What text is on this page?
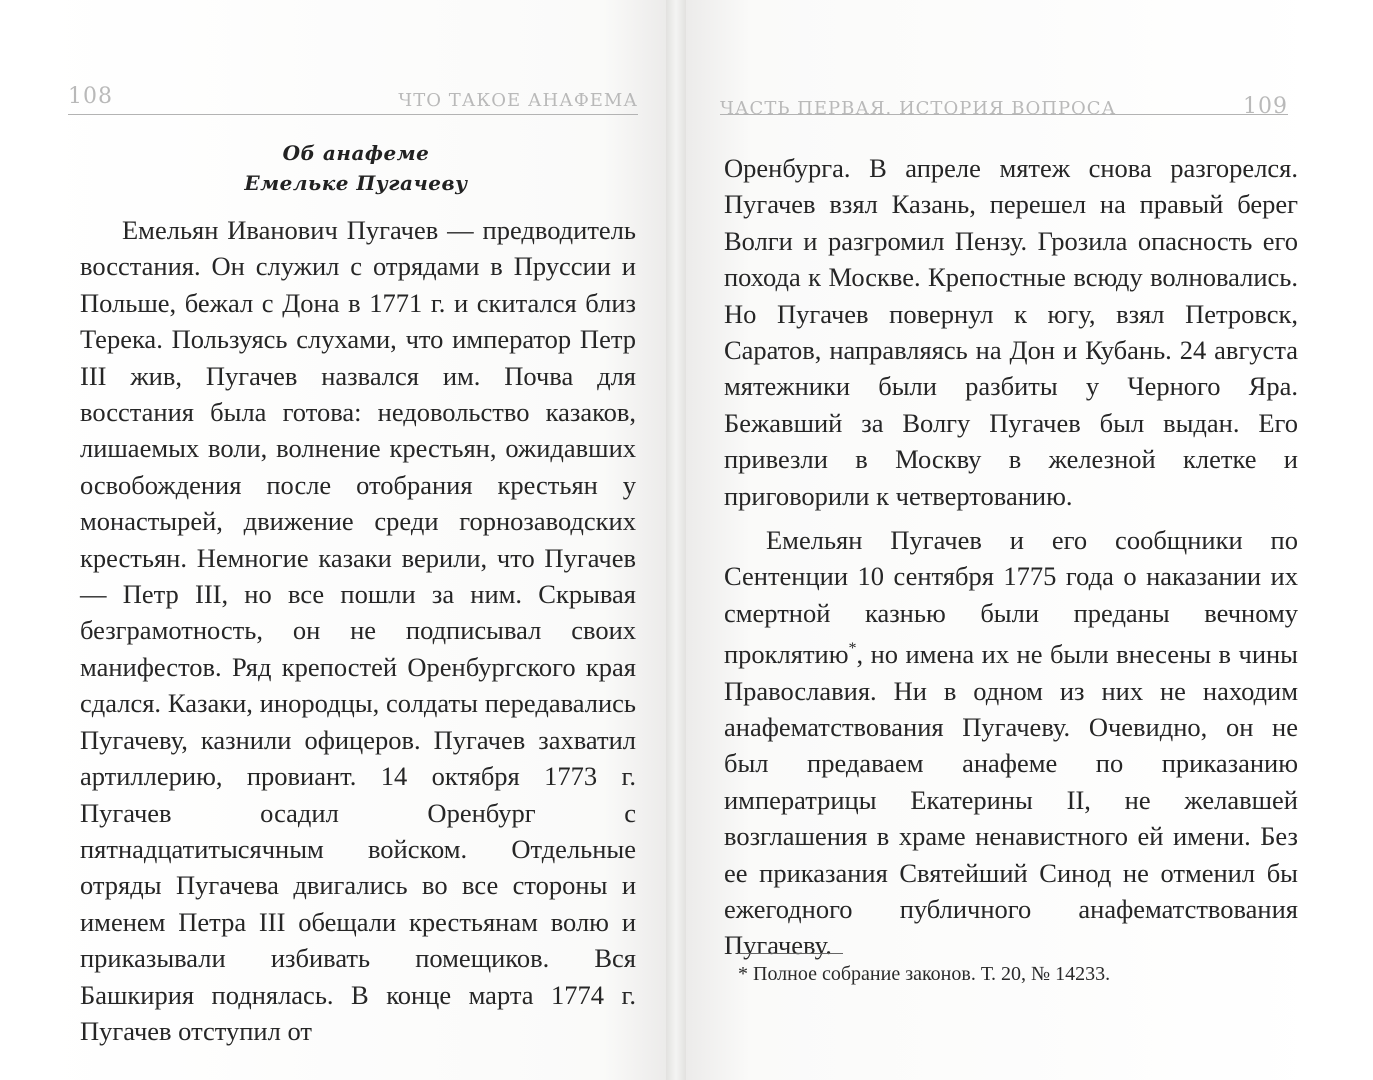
108	ЧТО ТАКОЕ АНАФЕМА
Об анафеме
Емельке Пугачеву

Емельян Иванович Пугачев — предводитель восстания. Он служил с отрядами в Пруссии и Польше, бежал с Дона в 1771 г. и скитался близ Терека. Пользуясь слухами, что император Петр III жив, Пугачев назвался им. Почва для восстания была готова: недовольство казаков, лишаемых воли, волнение крестьян, ожидавших освобождения после отобрания крестьян у монастырей, движение среди горнозаводских крестьян. Немногие казаки верили, что Пугачев — Петр III, но все пошли за ним. Скрывая безграмотность, он не подписывал своих манифестов. Ряд крепостей Оренбургского края сдался. Казаки, инородцы, солдаты передавались Пугачеву, казнили офицеров. Пугачев захватил артиллерию, провиант. 14 октября 1773 г. Пугачев осадил Оренбург с пятнадцатитысячным войском. Отдельные отряды Пугачева двигались во все стороны и именем Петра III обещали крестьянам волю и приказывали избивать помещиков. Вся Башкирия поднялась. В конце марта 1774 г. Пугачев отступил от

ЧАСТЬ ПЕРВАЯ. ИСТОРИЯ ВОПРОСА	109

Оренбурга. В апреле мятеж снова разгорелся. Пугачев взял Казань, перешел на правый берег Волги и разгромил Пензу. Грозила опасность его похода к Москве. Крепостные всюду волновались. Но Пугачев повернул к югу, взял Петровск, Саратов, направляясь на Дон и Кубань. 24 августа мятежники были разбиты у Черного Яра. Бежавший за Волгу Пугачев был выдан. Его привезли в Москву в железной клетке и приговорили к четвертованию.

Емельян Пугачев и его сообщники по Сентенции 10 сентября 1775 года о наказании их смертной казнью были преданы вечному проклятию*, но имена их не были внесены в чины Православия. Ни в одном из них не находим анафематствования Пугачеву. Очевидно, он не был предаваем анафеме по приказанию императрицы Екатерины II, не желавшей возглашения в храме ненавистного ей имени. Без ее приказания Святейший Синод не отменил бы ежегодного публичного анафематствования Пугачеву.

* Полное собрание законов. Т. 20, № 14233.
